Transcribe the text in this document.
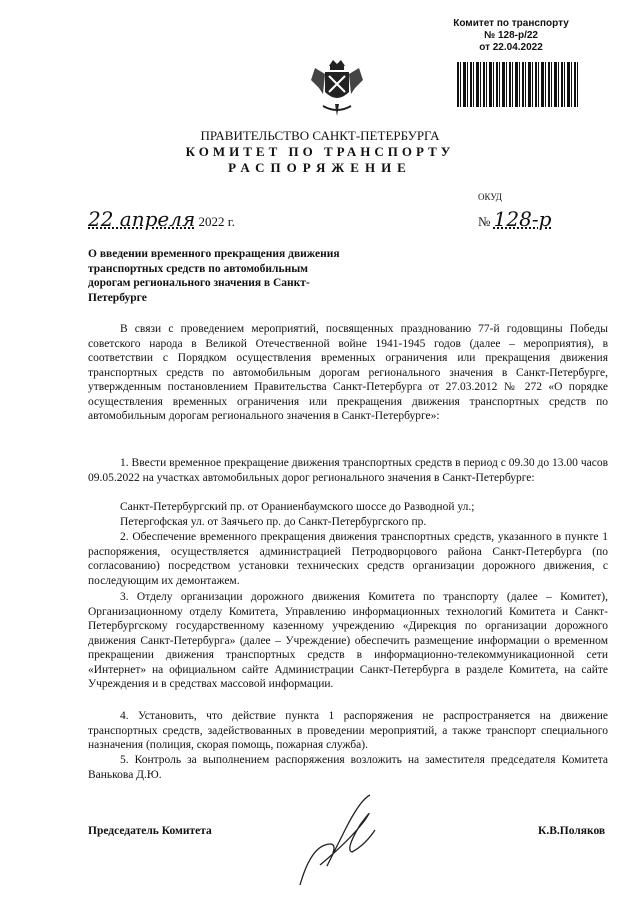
Комитет по транспорту
№ 128-р/22
от 22.04.2022
ПРАВИТЕЛЬСТВО САНКТ-ПЕТЕРБУРГА
КОМИТЕТ ПО ТРАНСПОРТУ
РАСПОРЯЖЕНИЕ
ОКУД
22 апреля 2022 г.	№ 128-р
О введении временного прекращения движения транспортных средств по автомобильным дорогам регионального значения в Санкт-Петербурге
В связи с проведением мероприятий, посвященных празднованию 77-й годовщины Победы советского народа в Великой Отечественной войне 1941-1945 годов (далее – мероприятия), в соответствии с Порядком осуществления временных ограничения или прекращения движения транспортных средств по автомобильным дорогам регионального значения в Санкт-Петербурге, утвержденным постановлением Правительства Санкт-Петербурга от 27.03.2012 № 272 «О порядке осуществления временных ограничения или прекращения движения транспортных средств по автомобильным дорогам регионального значения в Санкт-Петербурге»:
1. Ввести временное прекращение движения транспортных средств в период с 09.30 до 13.00 часов 09.05.2022 на участках автомобильных дорог регионального значения в Санкт-Петербурге:
Санкт-Петербургский пр. от Ораниенбаумского шоссе до Разводной ул.;
Петергофская ул. от Заячьего пр. до Санкт-Петербургского пр.
2. Обеспечение временного прекращения движения транспортных средств, указанного в пункте 1 распоряжения, осуществляется администрацией Петродворцового района Санкт-Петербурга (по согласованию) посредством установки технических средств организации дорожного движения, с последующим их демонтажем.
3. Отделу организации дорожного движения Комитета по транспорту (далее – Комитет), Организационному отделу Комитета, Управлению информационных технологий Комитета и Санкт-Петербургскому государственному казенному учреждению «Дирекция по организации дорожного движения Санкт-Петербурга» (далее – Учреждение) обеспечить размещение информации о временном прекращении движения транспортных средств в информационно-телекоммуникационной сети «Интернет» на официальном сайте Администрации Санкт-Петербурга в разделе Комитета, на сайте Учреждения и в средствах массовой информации.
4. Установить, что действие пункта 1 распоряжения не распространяется на движение транспортных средств, задействованных в проведении мероприятий, а также транспорт специального назначения (полиция, скорая помощь, пожарная служба).
5. Контроль за выполнением распоряжения возложить на заместителя председателя Комитета Ванькова Д.Ю.
Председатель Комитета	К.В.Поляков
